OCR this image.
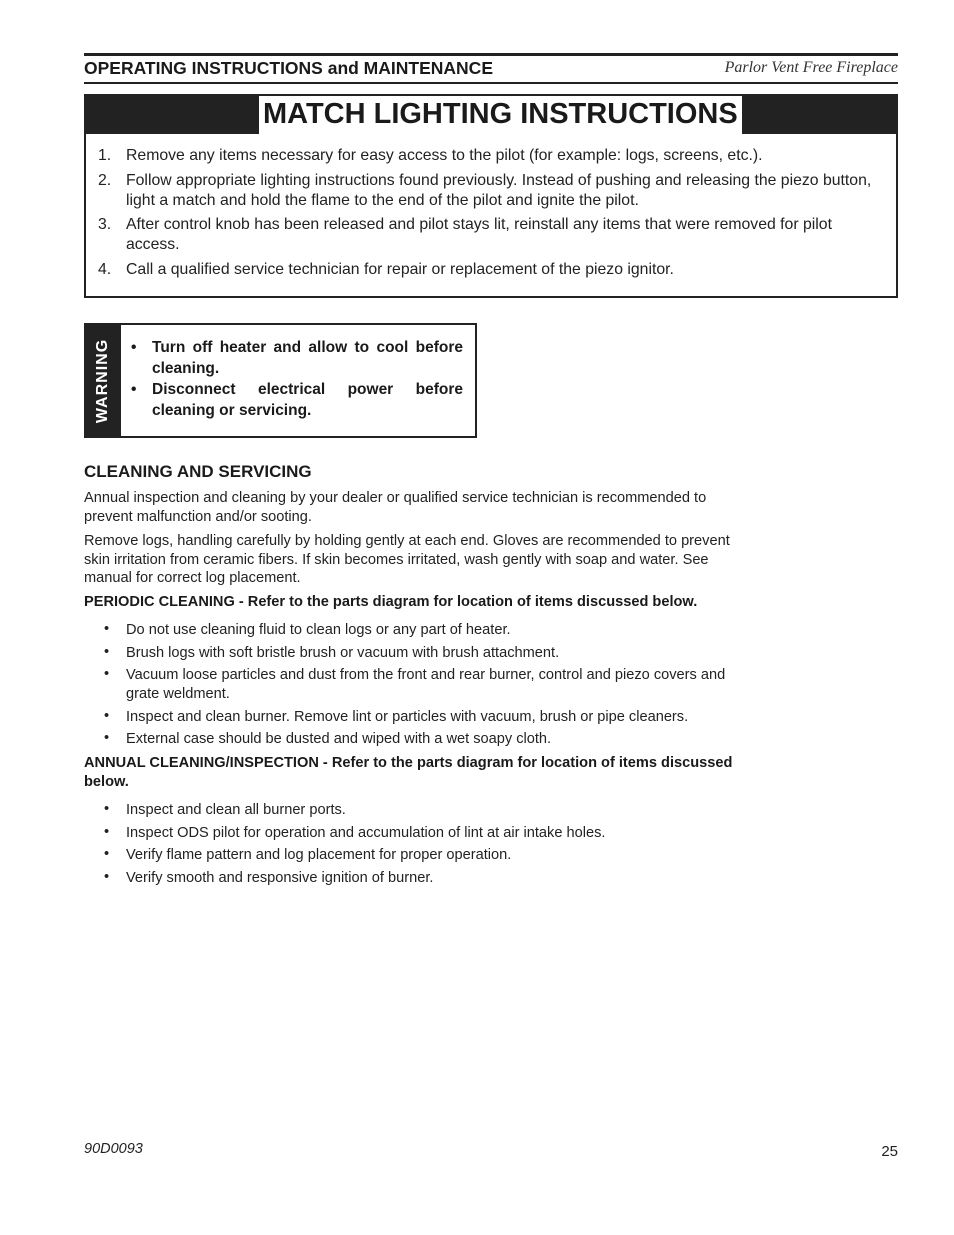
OPERATING INSTRUCTIONS and MAINTENANCE	Parlor Vent Free Fireplace
MATCH LIGHTING INSTRUCTIONS
1. Remove any items necessary for easy access to the pilot (for example: logs, screens, etc.).
2. Follow appropriate lighting instructions found previously. Instead of pushing and releasing the piezo button, light a match and hold the flame to the end of the pilot and ignite the pilot.
3. After control knob has been released and pilot stays lit, reinstall any items that were removed for pilot access.
4. Call a qualified service technician for repair or replacement of the piezo ignitor.
WARNING • Turn off heater and allow to cool before cleaning.
• Disconnect electrical power before cleaning or servicing.
CLEANING AND SERVICING

Annual inspection and cleaning by your dealer or qualified service technician is recommended to prevent malfunction and/or sooting.

Remove logs, handling carefully by holding gently at each end. Gloves are recommended to prevent skin irritation from ceramic fibers. If skin becomes irritated, wash gently with soap and water. See manual for correct log placement.

PERIODIC CLEANING - Refer to the parts diagram for location of items discussed below.

• Do not use cleaning fluid to clean logs or any part of heater.
• Brush logs with soft bristle brush or vacuum with brush attachment.
• Vacuum loose particles and dust from the front and rear burner, control and piezo covers and grate weldment.
• Inspect and clean burner. Remove lint or particles with vacuum, brush or pipe cleaners.
• External case should be dusted and wiped with a wet soapy cloth.

ANNUAL CLEANING/INSPECTION - Refer to the parts diagram for location of items discussed below.

• Inspect and clean all burner ports.
• Inspect ODS pilot for operation and accumulation of lint at air intake holes.
• Verify flame pattern and log placement for proper operation.
• Verify smooth and responsive ignition of burner.
90D0093	25
